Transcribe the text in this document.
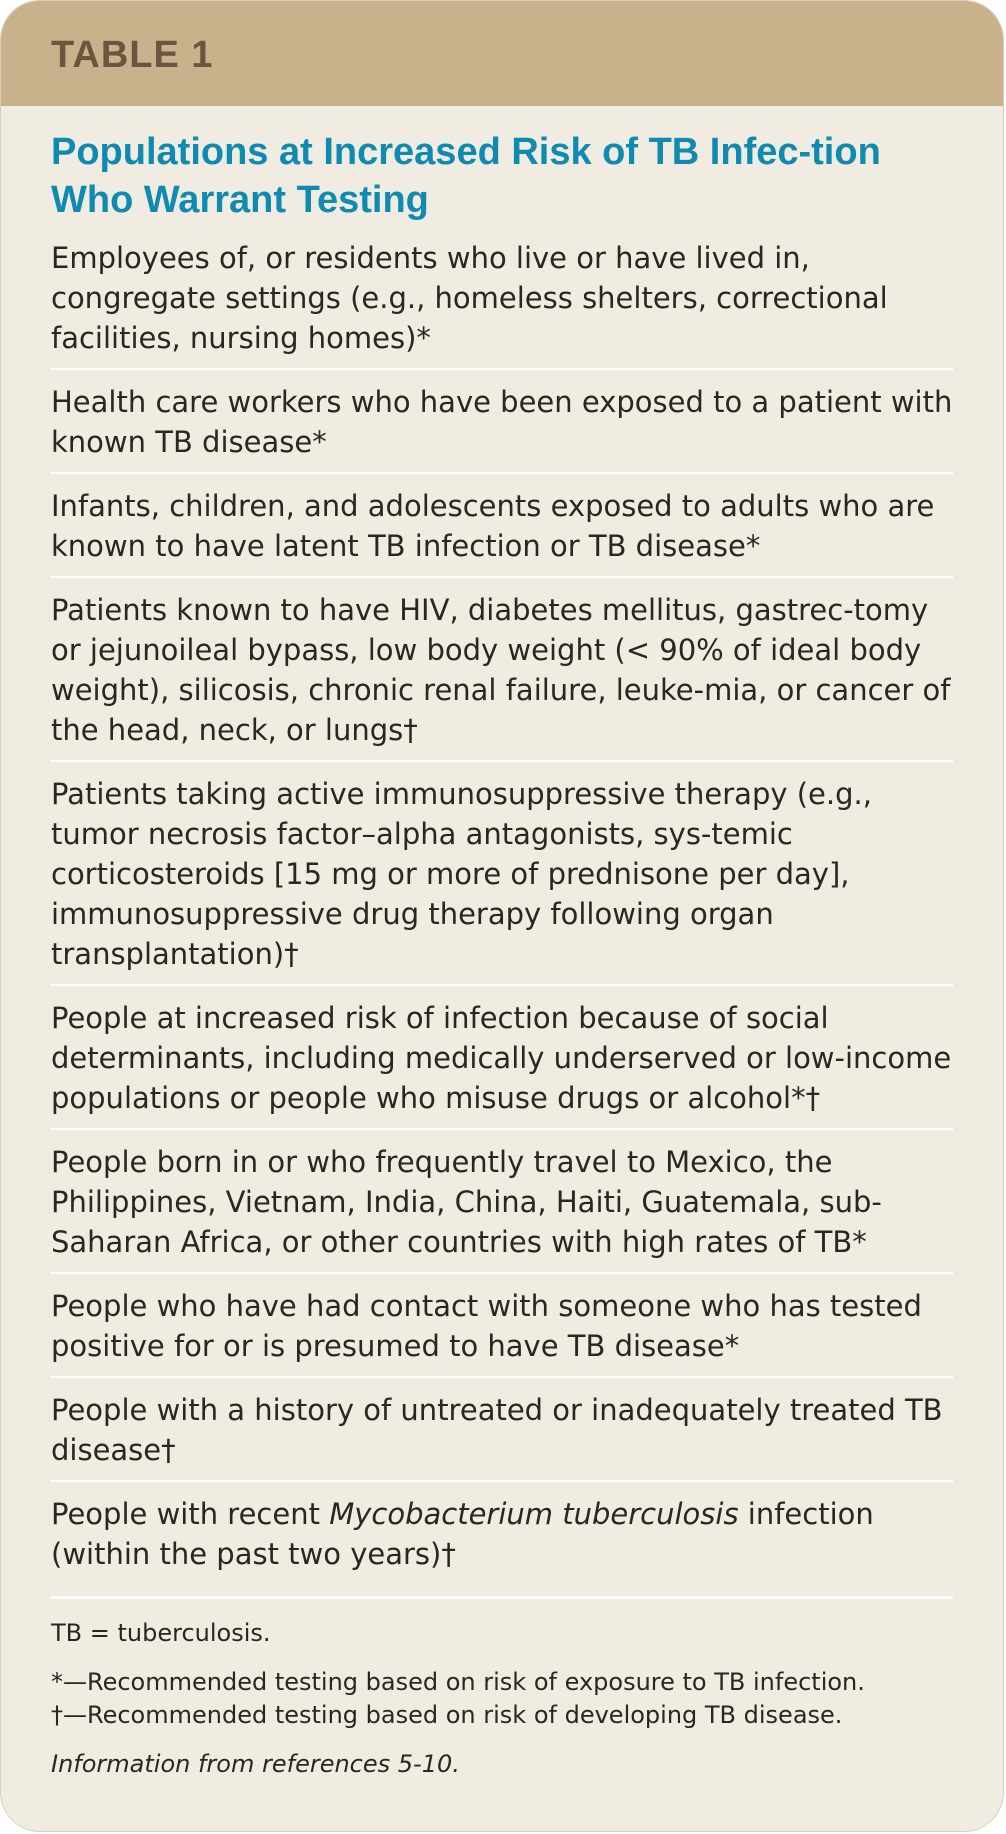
TABLE 1
Populations at Increased Risk of TB Infec-tion Who Warrant Testing
Employees of, or residents who live or have lived in, congregate settings (e.g., homeless shelters, correctional facilities, nursing homes)*
Health care workers who have been exposed to a patient with known TB disease*
Infants, children, and adolescents exposed to adults who are known to have latent TB infection or TB disease*
Patients known to have HIV, diabetes mellitus, gastrec-tomy or jejunoileal bypass, low body weight (< 90% of ideal body weight), silicosis, chronic renal failure, leuke-mia, or cancer of the head, neck, or lungs†
Patients taking active immunosuppressive therapy (e.g., tumor necrosis factor–alpha antagonists, sys-temic corticosteroids [15 mg or more of prednisone per day], immunosuppressive drug therapy following organ transplantation)†
People at increased risk of infection because of social determinants, including medically underserved or low-income populations or people who misuse drugs or alcohol*†
People born in or who frequently travel to Mexico, the Philippines, Vietnam, India, China, Haiti, Guatemala, sub-Saharan Africa, or other countries with high rates of TB*
People who have had contact with someone who has tested positive for or is presumed to have TB disease*
People with a history of untreated or inadequately treated TB disease†
People with recent Mycobacterium tuberculosis infection (within the past two years)†

TB = tuberculosis.

*—Recommended testing based on risk of exposure to TB infection.

†—Recommended testing based on risk of developing TB disease.

Information from references 5-10.
